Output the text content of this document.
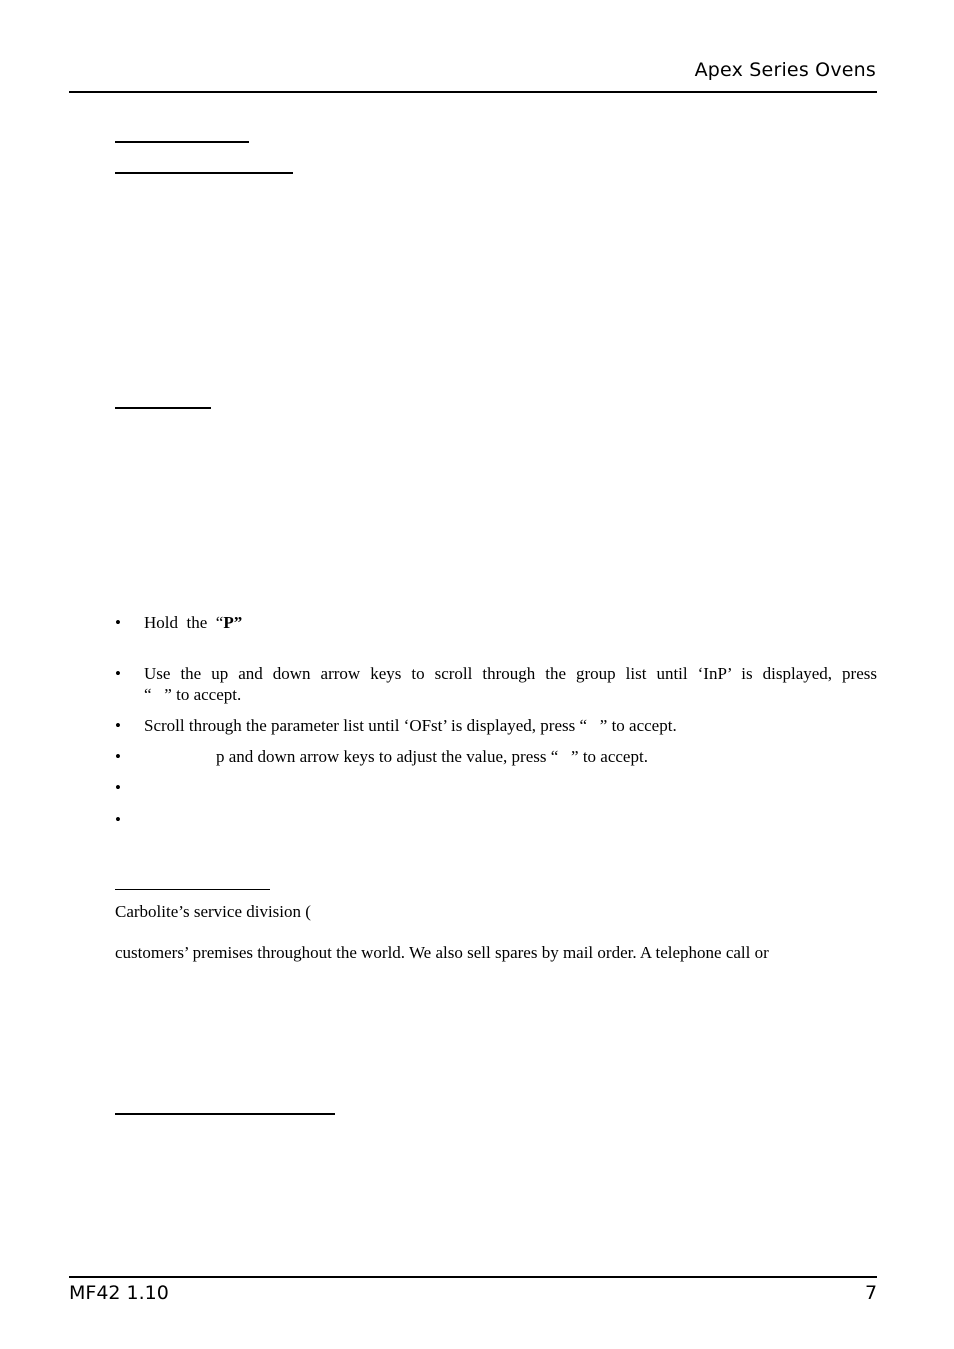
Apex Series Ovens
• Hold  the  “P”
• Use the up and down arrow keys to scroll through the group list until ‘InP’ is displayed, press
“   ” to accept.
• Scroll through the parameter list until ‘OFst’ is displayed, press “   ” to accept.
•	p and down arrow keys to adjust the value, press “   ” to accept.
•
•
Carbolite’s service division (
customers’ premises throughout the world. We also sell spares by mail order. A telephone call or
MF42 1.10	7
